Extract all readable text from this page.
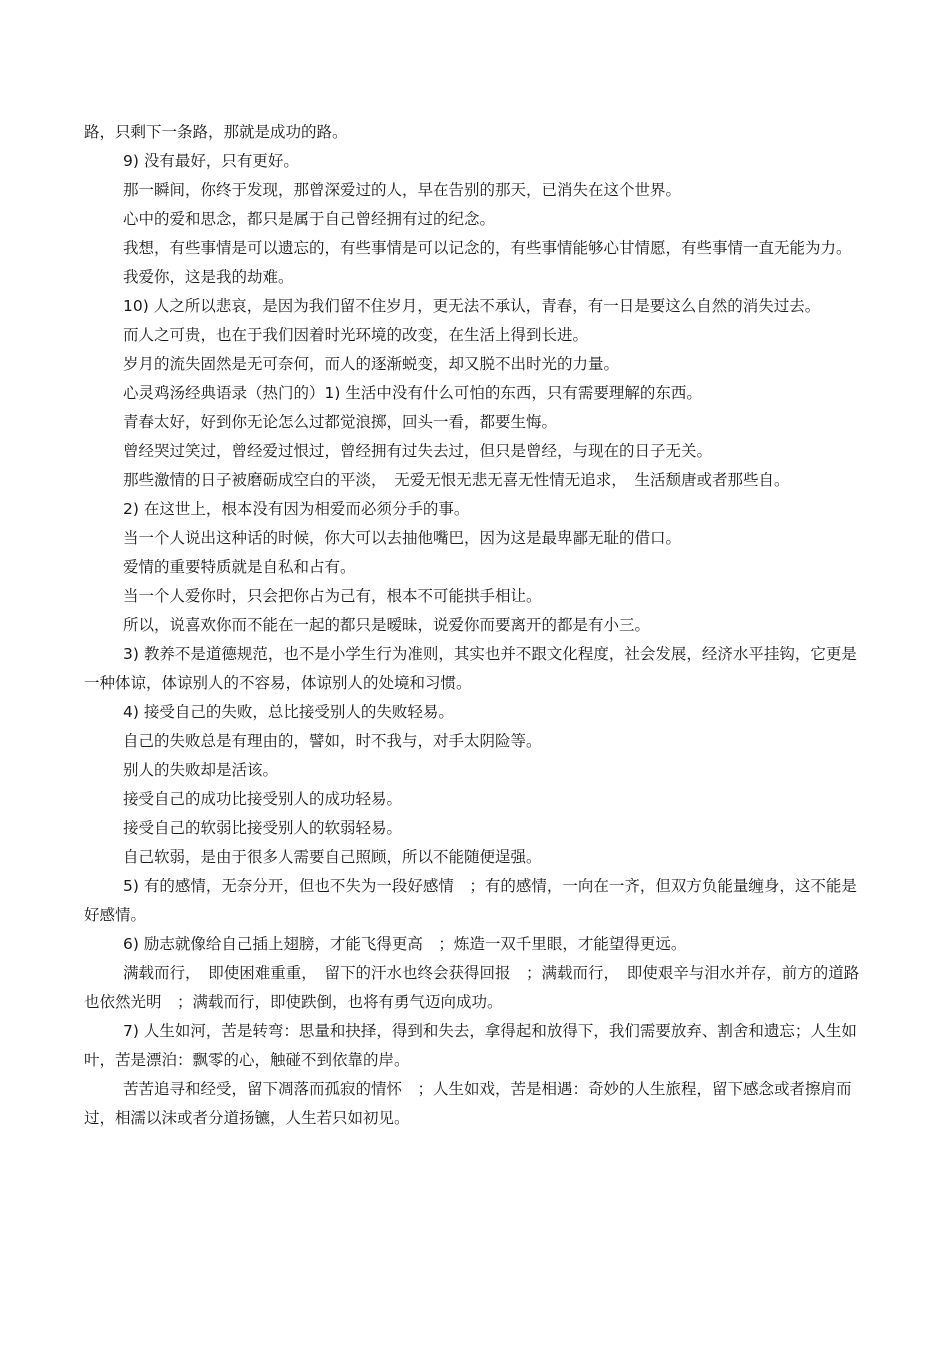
路，只剩下一条路，那就是成功的路。

9) 没有最好，只有更好。

那一瞬间，你终于发现，那曾深爱过的人，早在告别的那天，已消失在这个世界。

心中的爱和思念，都只是属于自己曾经拥有过的纪念。

我想，有些事情是可以遗忘的，有些事情是可以记念的，有些事情能够心甘情愿，有些事情一直无能为力。

我爱你，这是我的劫难。

10) 人之所以悲哀，是因为我们留不住岁月，更无法不承认，青春，有一日是要这么自然的消失过去。

而人之可贵，也在于我们因着时光环境的改变，在生活上得到长进。

岁月的流失固然是无可奈何，而人的逐渐蜕变，却又脱不出时光的力量。

心灵鸡汤经典语录（热门的）1) 生活中没有什么可怕的东西，只有需要理解的东西。

青春太好，好到你无论怎么过都觉浪掷，回头一看，都要生悔。

曾经哭过笑过，曾经爱过恨过，曾经拥有过失去过，但只是曾经，与现在的日子无关。

那些激情的日子被磨砺成空白的平淡，　无爱无恨无悲无喜无性情无追求，　生活颓唐或者那些自。

2) 在这世上，根本没有因为相爱而必须分手的事。

当一个人说出这种话的时候，你大可以去抽他嘴巴，因为这是最卑鄙无耻的借口。

爱情的重要特质就是自私和占有。

当一个人爱你时，只会把你占为己有，根本不可能拱手相让。

所以，说喜欢你而不能在一起的都只是暧昧，说爱你而要离开的都是有小三。

3) 教养不是道德规范，也不是小学生行为准则，其实也并不跟文化程度，社会发展，经济水平挂钩，它更是一种体谅，体谅别人的不容易，体谅别人的处境和习惯。

4) 接受自己的失败，总比接受别人的失败轻易。

自己的失败总是有理由的，譬如，时不我与，对手太阴险等。

别人的失败却是活该。

接受自己的成功比接受别人的成功轻易。

接受自己的软弱比接受别人的软弱轻易。

自己软弱，是由于很多人需要自己照顾，所以不能随便逞强。

5) 有的感情，无奈分开，但也不失为一段好感情　；有的感情，一向在一齐，但双方负能量缠身，这不能是好感情。

6) 励志就像给自己插上翅膀，才能飞得更高　；炼造一双千里眼，才能望得更远。

满载而行，　即使困难重重，　留下的汗水也终会获得回报　；满载而行，　即使艰辛与泪水并存，前方的道路也依然光明　；满载而行，即使跌倒，也将有勇气迈向成功。

7) 人生如河，苦是转弯：思量和抉择，得到和失去，拿得起和放得下，我们需要放弃、割舍和遗忘；人生如叶，苦是漂泊：飘零的心，触碰不到依靠的岸。

苦苦追寻和经受，留下凋落而孤寂的情怀　；人生如戏，苦是相遇：奇妙的人生旅程，留下感念或者擦肩而过，相濡以沫或者分道扬镳，人生若只如初见。
